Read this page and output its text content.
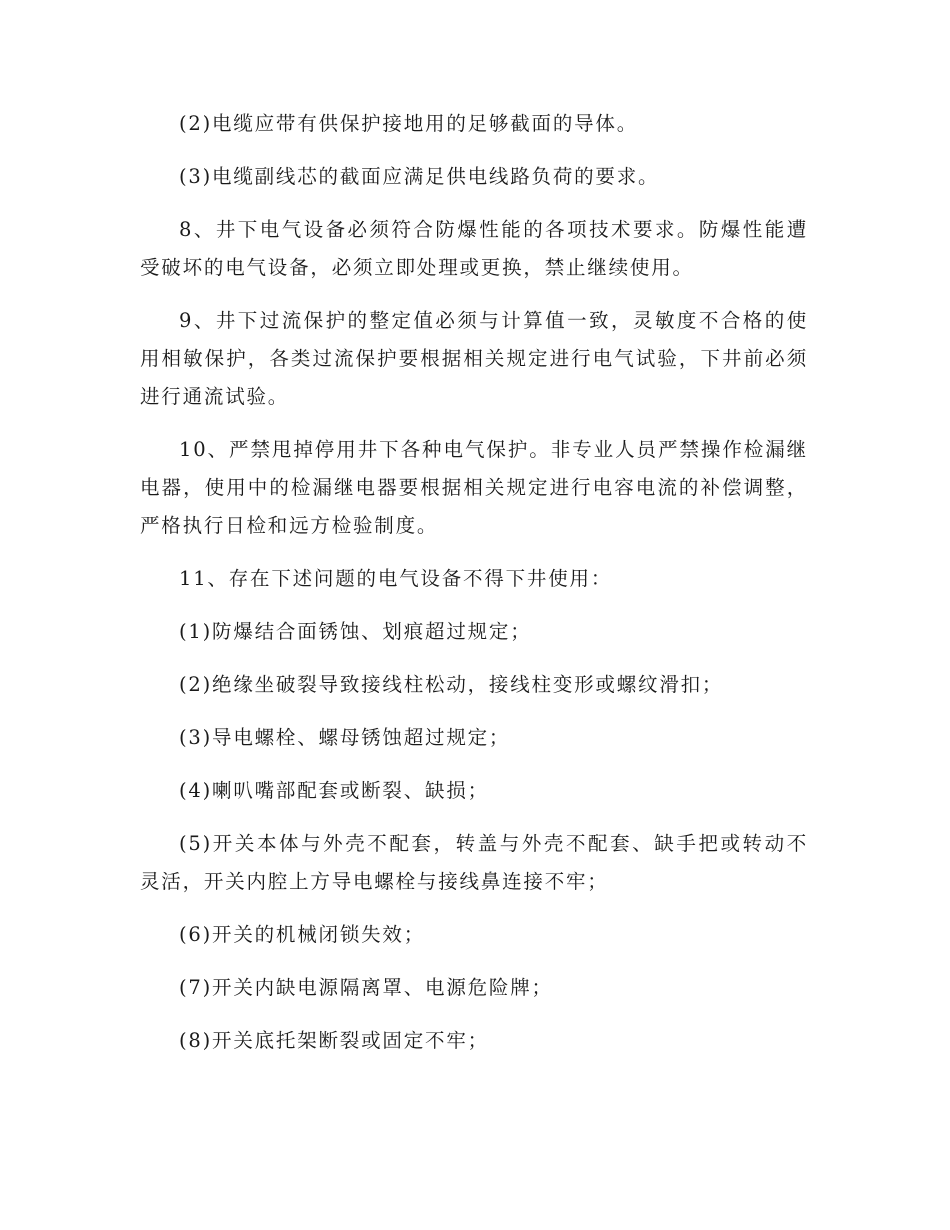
(2)电缆应带有供保护接地用的足够截面的导体。

(3)电缆副线芯的截面应满足供电线路负荷的要求。

8、井下电气设备必须符合防爆性能的各项技术要求。防爆性能遭受破坏的电气设备，必须立即处理或更换，禁止继续使用。

9、井下过流保护的整定值必须与计算值一致，灵敏度不合格的使用相敏保护，各类过流保护要根据相关规定进行电气试验，下井前必须进行通流试验。

10、严禁甩掉停用井下各种电气保护。非专业人员严禁操作检漏继电器，使用中的检漏继电器要根据相关规定进行电容电流的补偿调整，严格执行日检和远方检验制度。

11、存在下述问题的电气设备不得下井使用：

(1)防爆结合面锈蚀、划痕超过规定；

(2)绝缘坐破裂导致接线柱松动，接线柱变形或螺纹滑扣；

(3)导电螺栓、螺母锈蚀超过规定；

(4)喇叭嘴部配套或断裂、缺损；

(5)开关本体与外壳不配套，转盖与外壳不配套、缺手把或转动不灵活，开关内腔上方导电螺栓与接线鼻连接不牢；

(6)开关的机械闭锁失效；

(7)开关内缺电源隔离罩、电源危险牌；

(8)开关底托架断裂或固定不牢；
